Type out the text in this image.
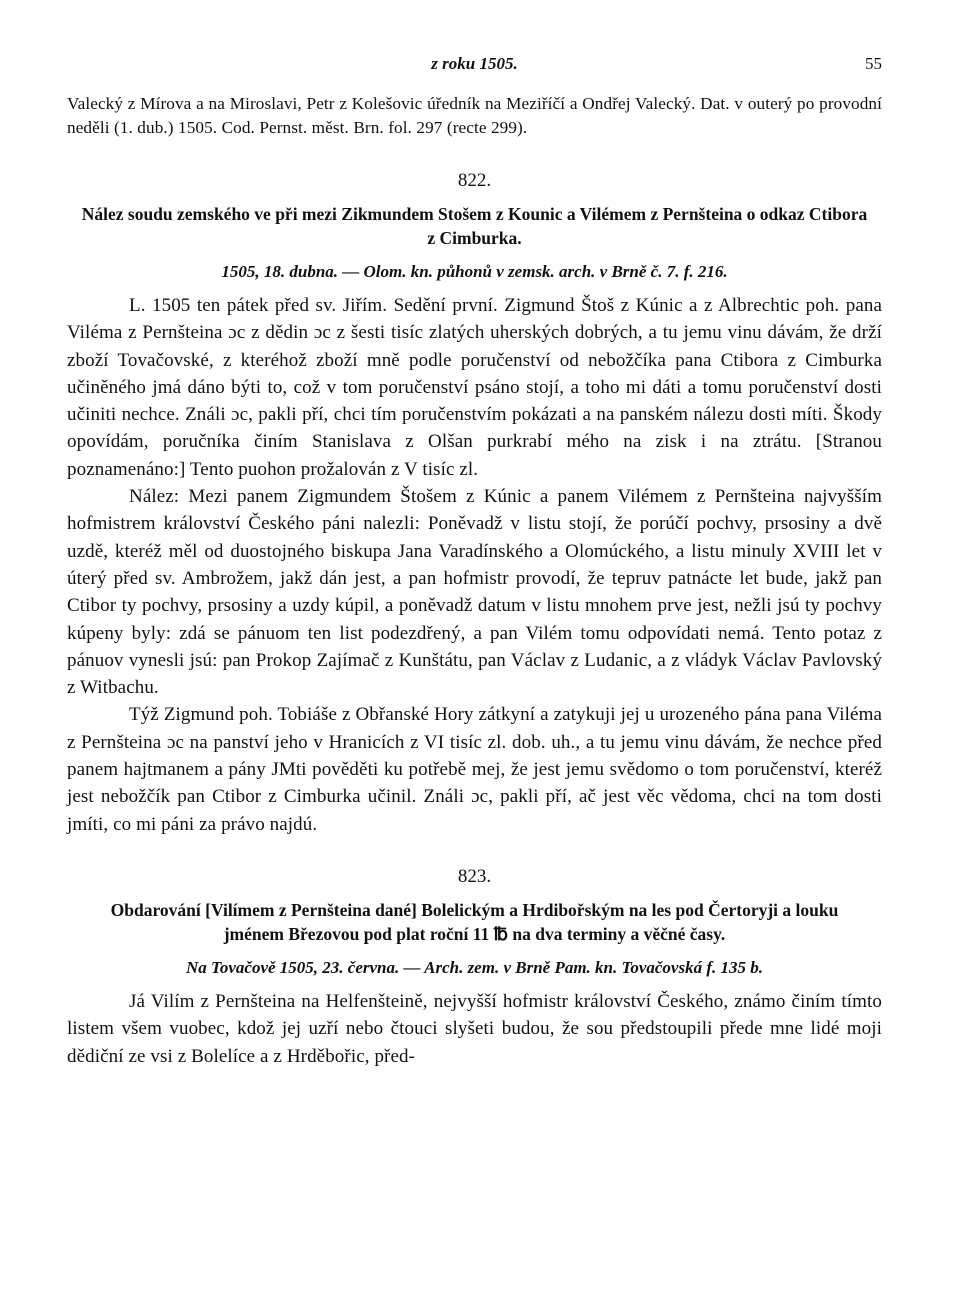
z roku 1505.	55
Valecký z Mírova a na Miroslavi, Petr z Kolešovic úředník na Meziříčí a Ondřej Valecký. Dat. v outerý po provodní neděli (1. dub.) 1505. Cod. Pernst. měst. Brn. fol. 297 (recte 299).
822.
Nález soudu zemského ve při mezi Zikmundem Stošem z Kounic a Vilémem z Pernšteina o odkaz Ctibora z Cimburka.
1505, 18. dubna. — Olom. kn. půhonů v zemsk. arch. v Brně č. 7. f. 216.

L. 1505 ten pátek před sv. Jiřím. Sedění první. Zigmund Štoš z Kúnic a z Albrechtic poh. pana Viléma z Pernšteina ɔc z dědin ɔc z šesti tisíc zlatých uherských dobrých, a tu jemu vinu dávám, že drží zboží Tovačovské, z kteréhož zboží mně podle poručenství od nebožčíka pana Ctibora z Cimburka učiněného jmá dáno býti to, což v tom poručenství psáno stojí, a toho mi dáti a tomu poručenství dosti učiniti nechce. Ználi ɔc, pakli pří, chci tím poručenstvím pokázati a na panském nálezu dosti míti. Škody opovídám, poručníka činím Stanislava z Olšan purkrabí mého na zisk i na ztrátu. [Stranou poznamenáno:] Tento puohon prožalován z V tisíc zl.

Nález: Mezi panem Zigmundem Štošem z Kúnic a panem Vilémem z Pernšteina najvyšším hofmistrem království Českého páni nalezli: Poněvadž v listu stojí, že porúčí pochvy, prsosiny a dvě uzdě, kteréž měl od duostojného biskupa Jana Varadínského a Olomúckého, a listu minuly XVIII let v úterý před sv. Ambrožem, jakž dán jest, a pan hofmistr provodí, že tepruv patnácte let bude, jakž pan Ctibor ty pochvy, prsosiny a uzdy kúpil, a poněvadž datum v listu mnohem prve jest, nežli jsú ty pochvy kúpeny byly: zdá se pánuom ten list podezdřený, a pan Vilém tomu odpovídati nemá. Tento potaz z pánuov vynesli jsú: pan Prokop Zajímač z Kunštátu, pan Václav z Ludanic, a z vládyk Václav Pavlovský z Witbachu.

Týž Zigmund poh. Tobiáše z Obřanské Hory zátkyní a zatykuji jej u urozeného pána pana Viléma z Pernšteina ɔc na panství jeho v Hranicích z VI tisíc zl. dob. uh., a tu jemu vinu dávám, že nechce před panem hajtmanem a pány JMti pověděti ku potřebě mej, že jest jemu svědomo o tom poručenství, kteréž jest nebožčík pan Ctibor z Cimburka učinil. Ználi ɔc, pakli pří, ač jest věc vědoma, chci na tom dosti jmíti, co mi páni za právo najdú.

823.
Obdarování [Vilímem z Pernšteina dané] Bolelickým a Hrdibořským na les pod Čertoryji a louku jménem Březovou pod plat roční 11 ℔ na dva terminy a věčné časy.
Na Tovačově 1505, 23. června. — Arch. zem. v Brně Pam. kn. Tovačovská f. 135 b.

Já Vilím z Pernšteina na Helfenšteině, nejvyšší hofmistr království Českého, známo činím tímto listem všem vuobec, kdož jej uzří nebo čtouci slyšeti budou, že sou předstoupili přede mne lidé moji dědiční ze vsi z Bolelíce a z Hrděbořic, před-
